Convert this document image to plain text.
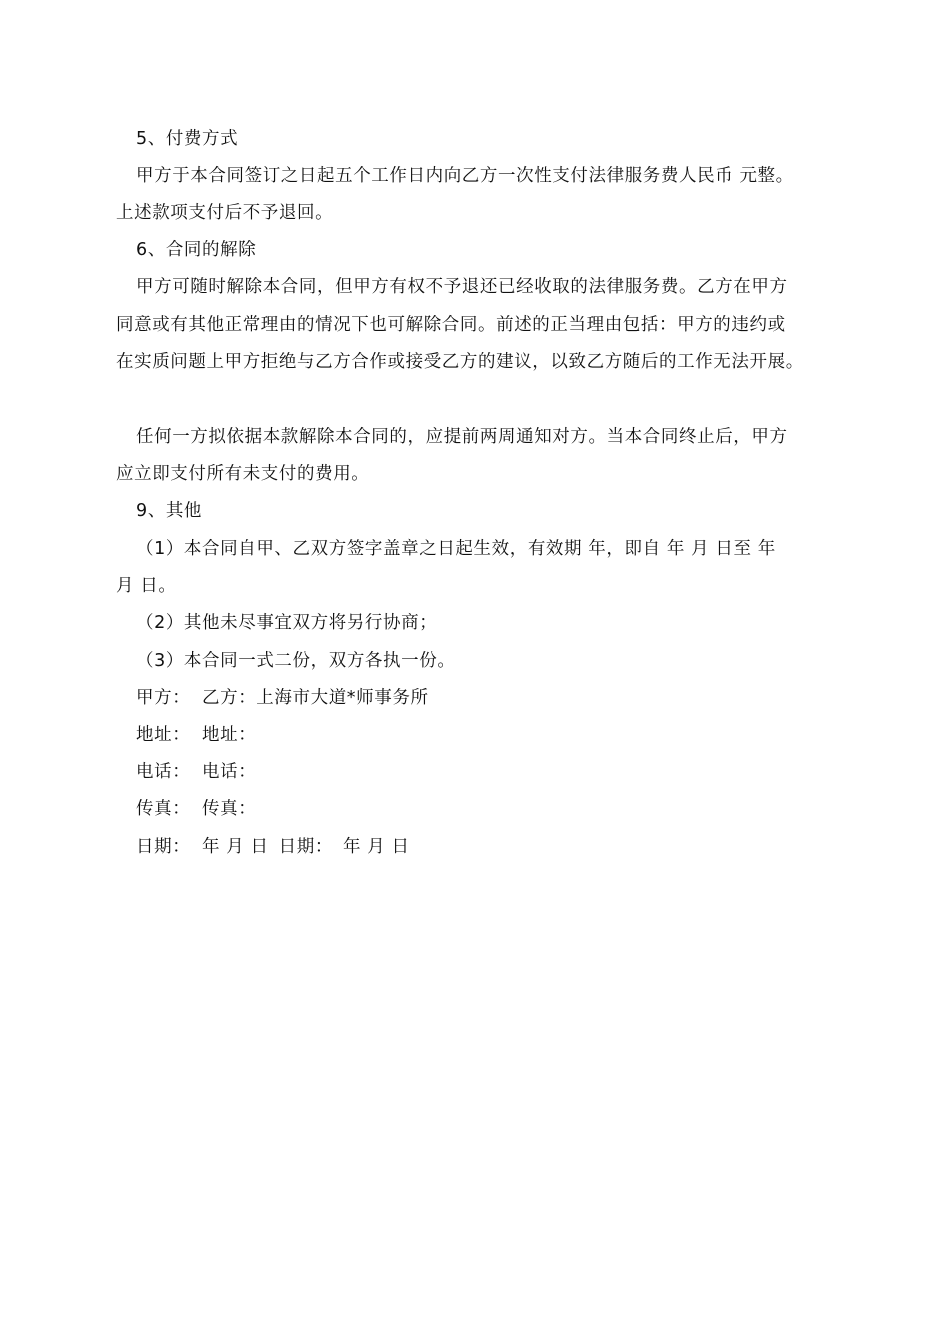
5、付费方式
甲方于本合同签订之日起五个工作日内向乙方一次性支付法律服务费人民币 元整。
上述款项支付后不予退回。
6、合同的解除
甲方可随时解除本合同，但甲方有权不予退还已经收取的法律服务费。乙方在甲方
同意或有其他正常理由的情况下也可解除合同。前述的正当理由包括：甲方的违约或
在实质问题上甲方拒绝与乙方合作或接受乙方的建议，以致乙方随后的工作无法开展。
任何一方拟依据本款解除本合同的，应提前两周通知对方。当本合同终止后，甲方
应立即支付所有未支付的费用。
9、其他
（1）本合同自甲、乙双方签字盖章之日起生效，有效期 年，即自 年 月 日至 年
月 日。
（2）其他未尽事宜双方将另行协商；
（3）本合同一式二份，双方各执一份。
甲方： 乙方：上海市大道*师事务所
地址： 地址：
电话： 电话：
传真： 传真：
日期： 年 月 日 日期： 年 月 日
